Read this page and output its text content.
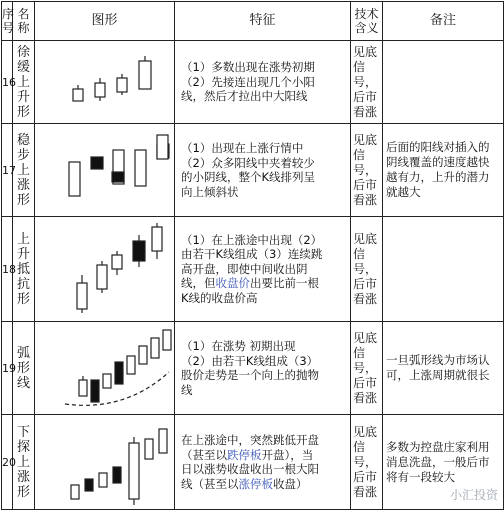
序号	名称	图形	特征	技术含义	备注
16	徐缓上升形		（1）多数出现在涨势初期
（2）先接连出现几个小阳
线，然后才拉出中大阳线	见底信号，后市看涨	
17	稳步上涨形		（1）出现在上涨行情中
（2）众多阳线中夹着较少
的小阴线，整个K线排列呈
向上倾斜状	见底信号，后市看涨	后面的阳线对插入的阴线覆盖的速度越快越有力，上升的潜力就越大
18	上升抵抗形		（1）在上涨途中出现（2）
由若干K线组成（3）连续跳
高开盘，即使中间收出阴
线，但收盘价出要比前一根
K线的收盘价高	见底信号，后市看涨	
19	弧形线		（1）在涨势 初期出现
（2）由若干K线组成（3）
股价走势是一个向上的抛物
线	见底信号，后市看涨	一旦弧形线为市场认可，上涨周期就很长
20	下探上涨形		在上涨途中，突然跳低开盘
（甚至以跌停板开盘），当
日以涨势收盘收出一根大阳
线（甚至以涨停板收盘）	见底信号，后市看涨	多数为控盘庄家利用消息洗盘，一般后市将有一段较大
小汇投资
